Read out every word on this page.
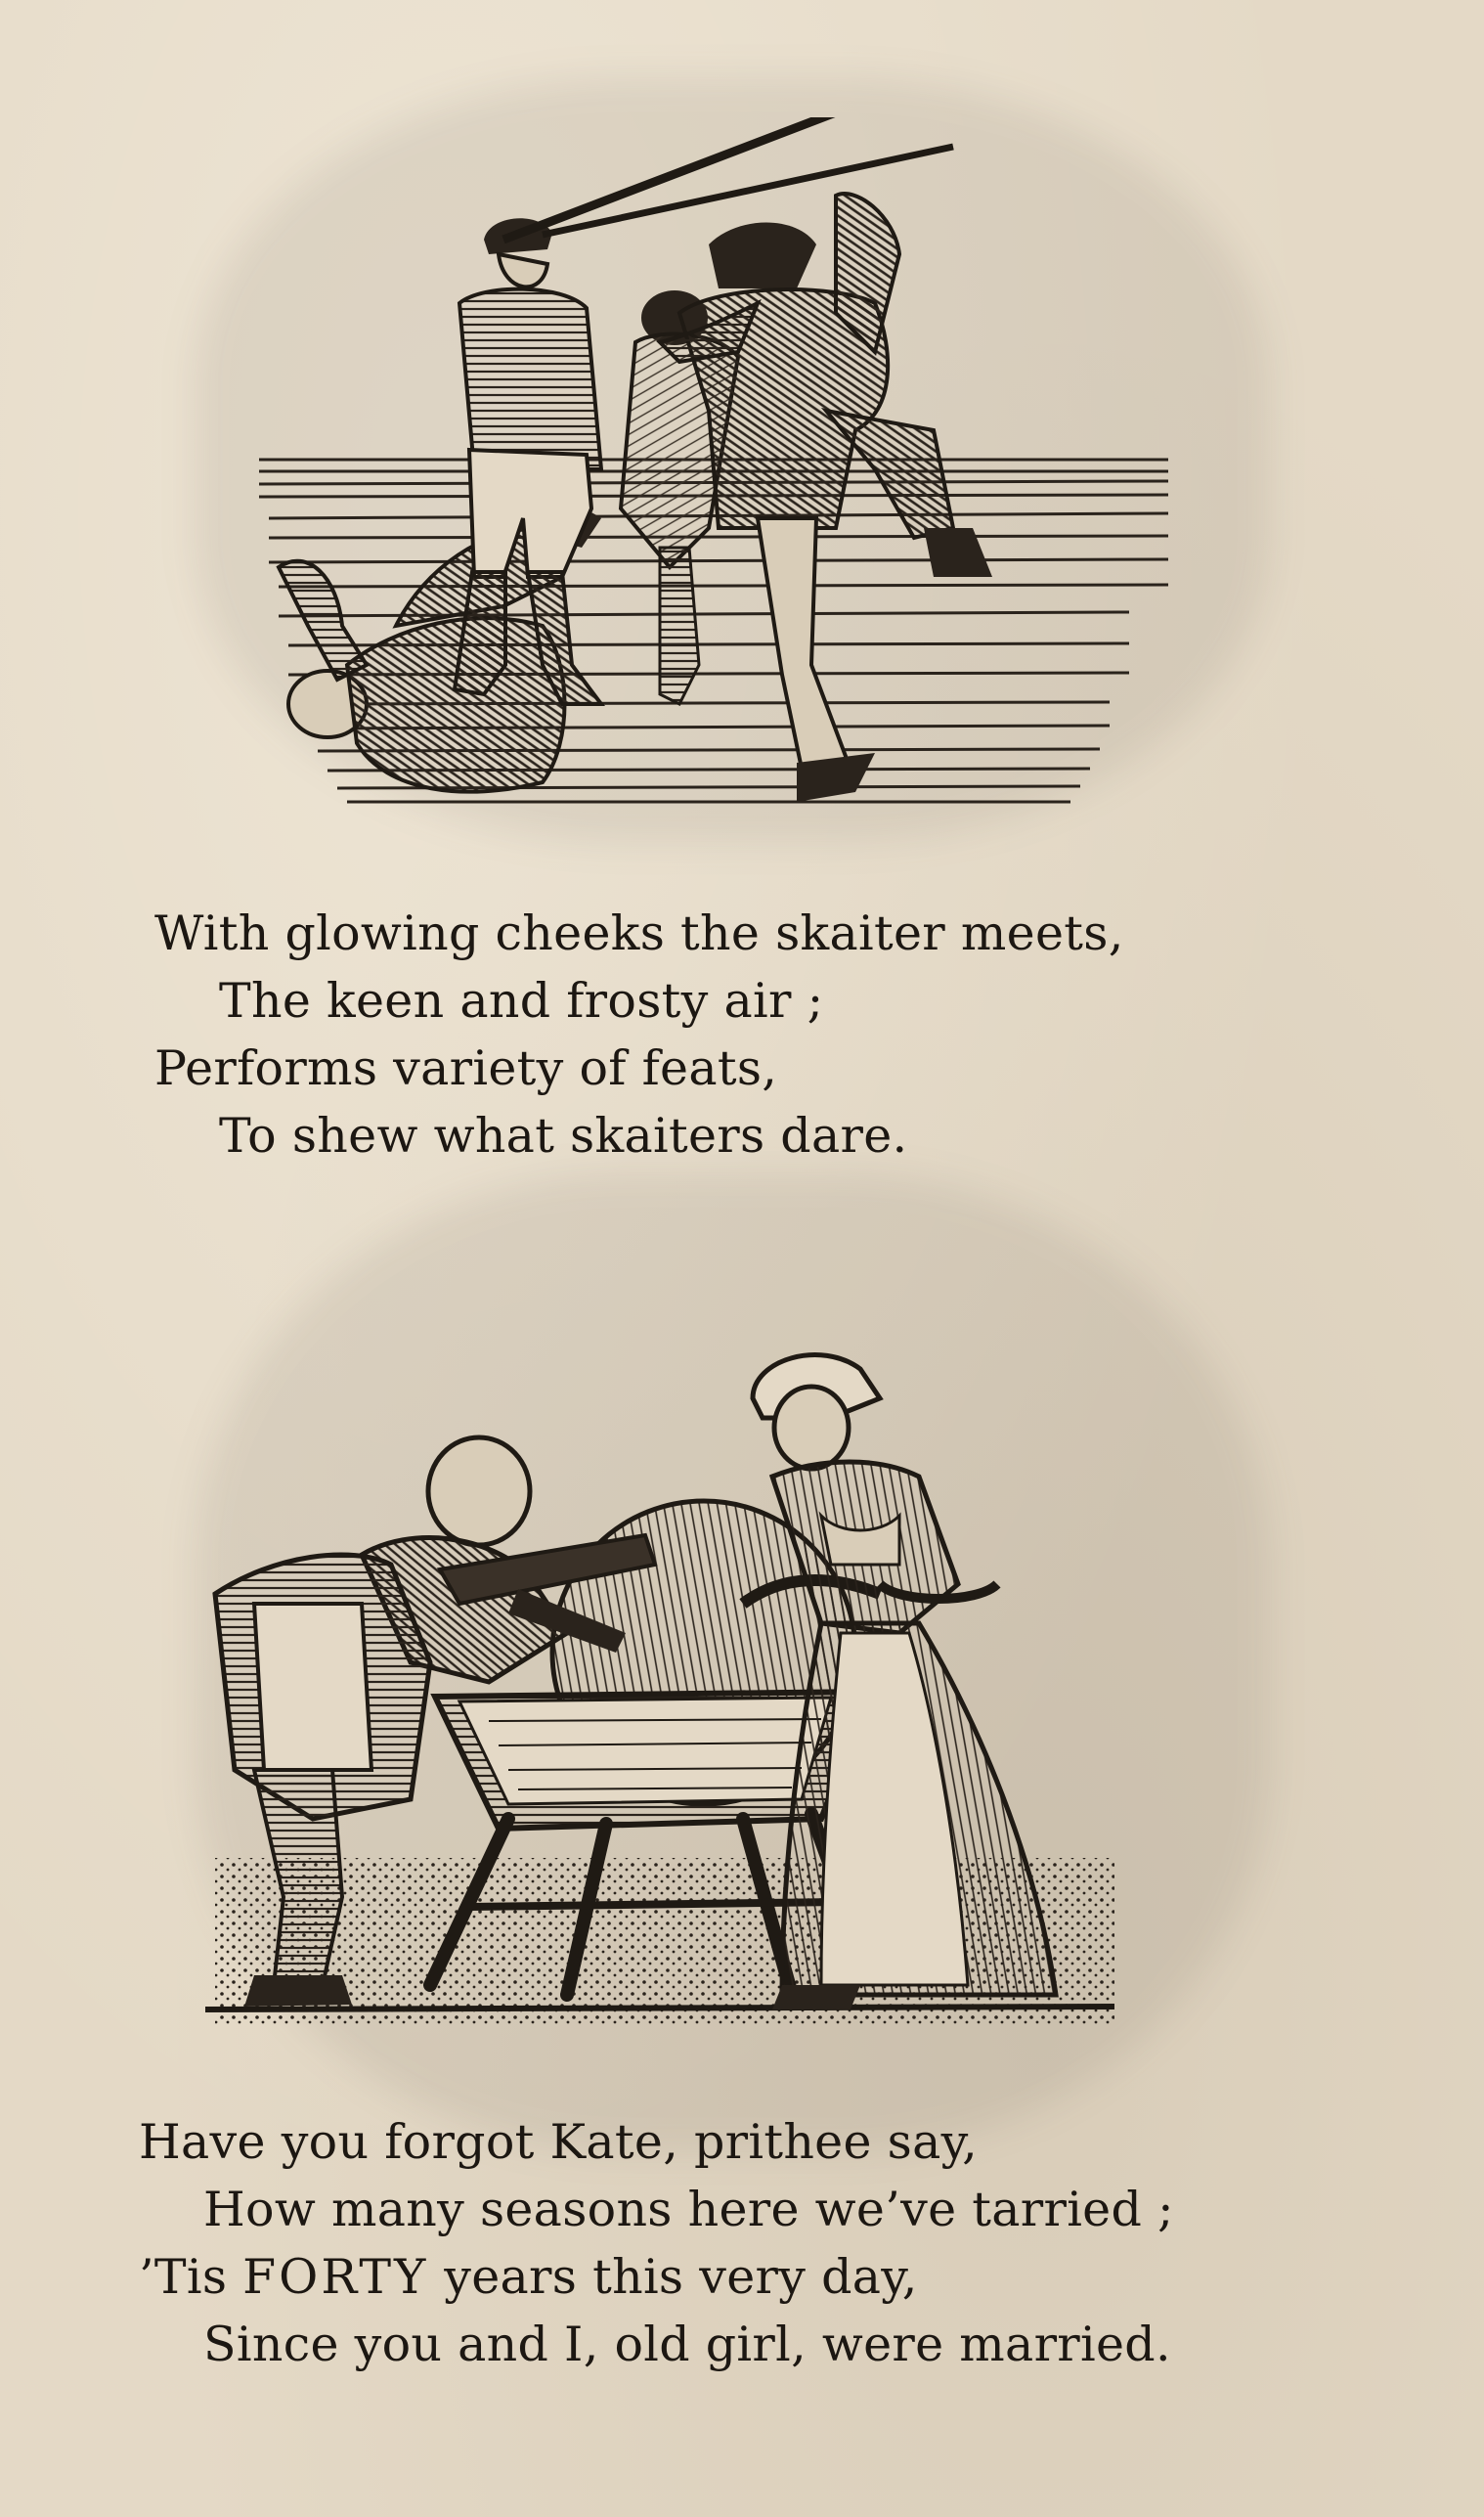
With glowing cheeks the skaiter meets,
The keen and frosty air ;
Performs variety of feats,
To shew what skaiters dare.
Have you forgot Kate, prithee say,
How many seasons here we’ve tarried ;
’Tis FORTY years this very day,
Since you and I, old girl, were married.
